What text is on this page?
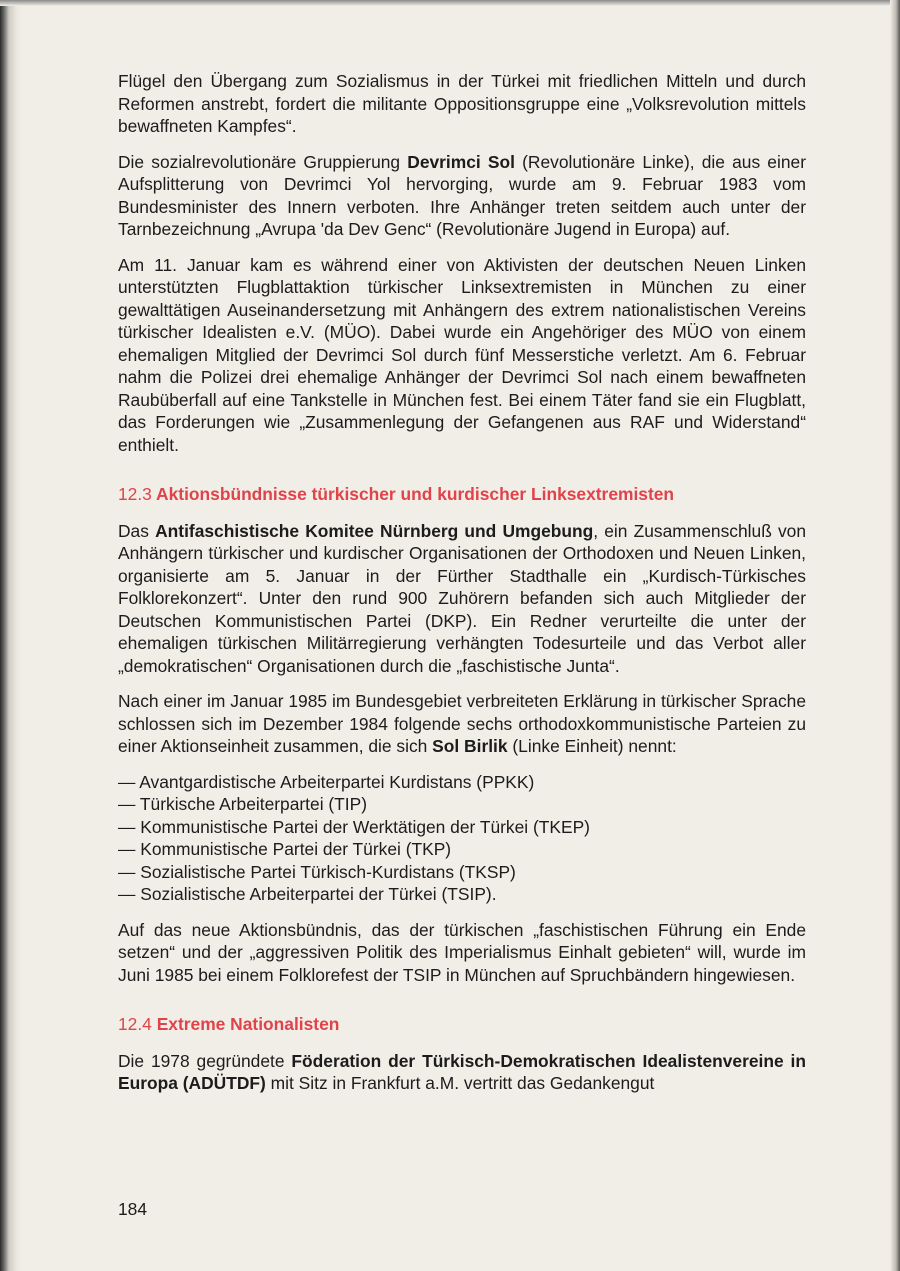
Flügel den Übergang zum Sozialismus in der Türkei mit friedlichen Mitteln und durch Reformen anstrebt, fordert die militante Oppositionsgruppe eine „Volksrevolution mittels bewaffneten Kampfes“.

Die sozialrevolutionäre Gruppierung Devrimci Sol (Revolutionäre Linke), die aus einer Aufsplitterung von Devrimci Yol hervorging, wurde am 9. Februar 1983 vom Bundesminister des Innern verboten. Ihre Anhänger treten seitdem auch unter der Tarnbezeichnung „Avrupa 'da Dev Genc“ (Revolutionäre Jugend in Europa) auf.

Am 11. Januar kam es während einer von Aktivisten der deutschen Neuen Linken unterstützten Flugblattaktion türkischer Linksextremisten in München zu einer gewalttätigen Auseinandersetzung mit Anhängern des extrem nationalistischen Vereins türkischer Idealisten e.V. (MÜO). Dabei wurde ein Angehöriger des MÜO von einem ehemaligen Mitglied der Devrimci Sol durch fünf Messerstiche verletzt. Am 6. Februar nahm die Polizei drei ehemalige Anhänger der Devrimci Sol nach einem bewaffneten Raubüberfall auf eine Tankstelle in München fest. Bei einem Täter fand sie ein Flugblatt, das Forderungen wie „Zusammenlegung der Gefangenen aus RAF und Widerstand“ enthielt.

12.3 Aktionsbündnisse türkischer und kurdischer Linksextremisten

Das Antifaschistische Komitee Nürnberg und Umgebung, ein Zusammenschluß von Anhängern türkischer und kurdischer Organisationen der Orthodoxen und Neuen Linken, organisierte am 5. Januar in der Fürther Stadthalle ein „Kurdisch-Türkisches Folklorekonzert“. Unter den rund 900 Zuhörern befanden sich auch Mitglieder der Deutschen Kommunistischen Partei (DKP). Ein Redner verurteilte die unter der ehemaligen türkischen Militärregierung verhängten Todesurteile und das Verbot aller „demokratischen“ Organisationen durch die „faschistische Junta“.

Nach einer im Januar 1985 im Bundesgebiet verbreiteten Erklärung in türkischer Sprache schlossen sich im Dezember 1984 folgende sechs orthodoxkommunistische Parteien zu einer Aktionseinheit zusammen, die sich Sol Birlik (Linke Einheit) nennt:

— Avantgardistische Arbeiterpartei Kurdistans (PPKK)
— Türkische Arbeiterpartei (TIP)
— Kommunistische Partei der Werktätigen der Türkei (TKEP)
— Kommunistische Partei der Türkei (TKP)
— Sozialistische Partei Türkisch-Kurdistans (TKSP)
— Sozialistische Arbeiterpartei der Türkei (TSIP).

Auf das neue Aktionsbündnis, das der türkischen „faschistischen Führung ein Ende setzen“ und der „aggressiven Politik des Imperialismus Einhalt gebieten“ will, wurde im Juni 1985 bei einem Folklorefest der TSIP in München auf Spruchbändern hingewiesen.

12.4 Extreme Nationalisten

Die 1978 gegründete Föderation der Türkisch-Demokratischen Idealistenvereine in Europa (ADÜTDF) mit Sitz in Frankfurt a.M. vertritt das Gedankengut

184
